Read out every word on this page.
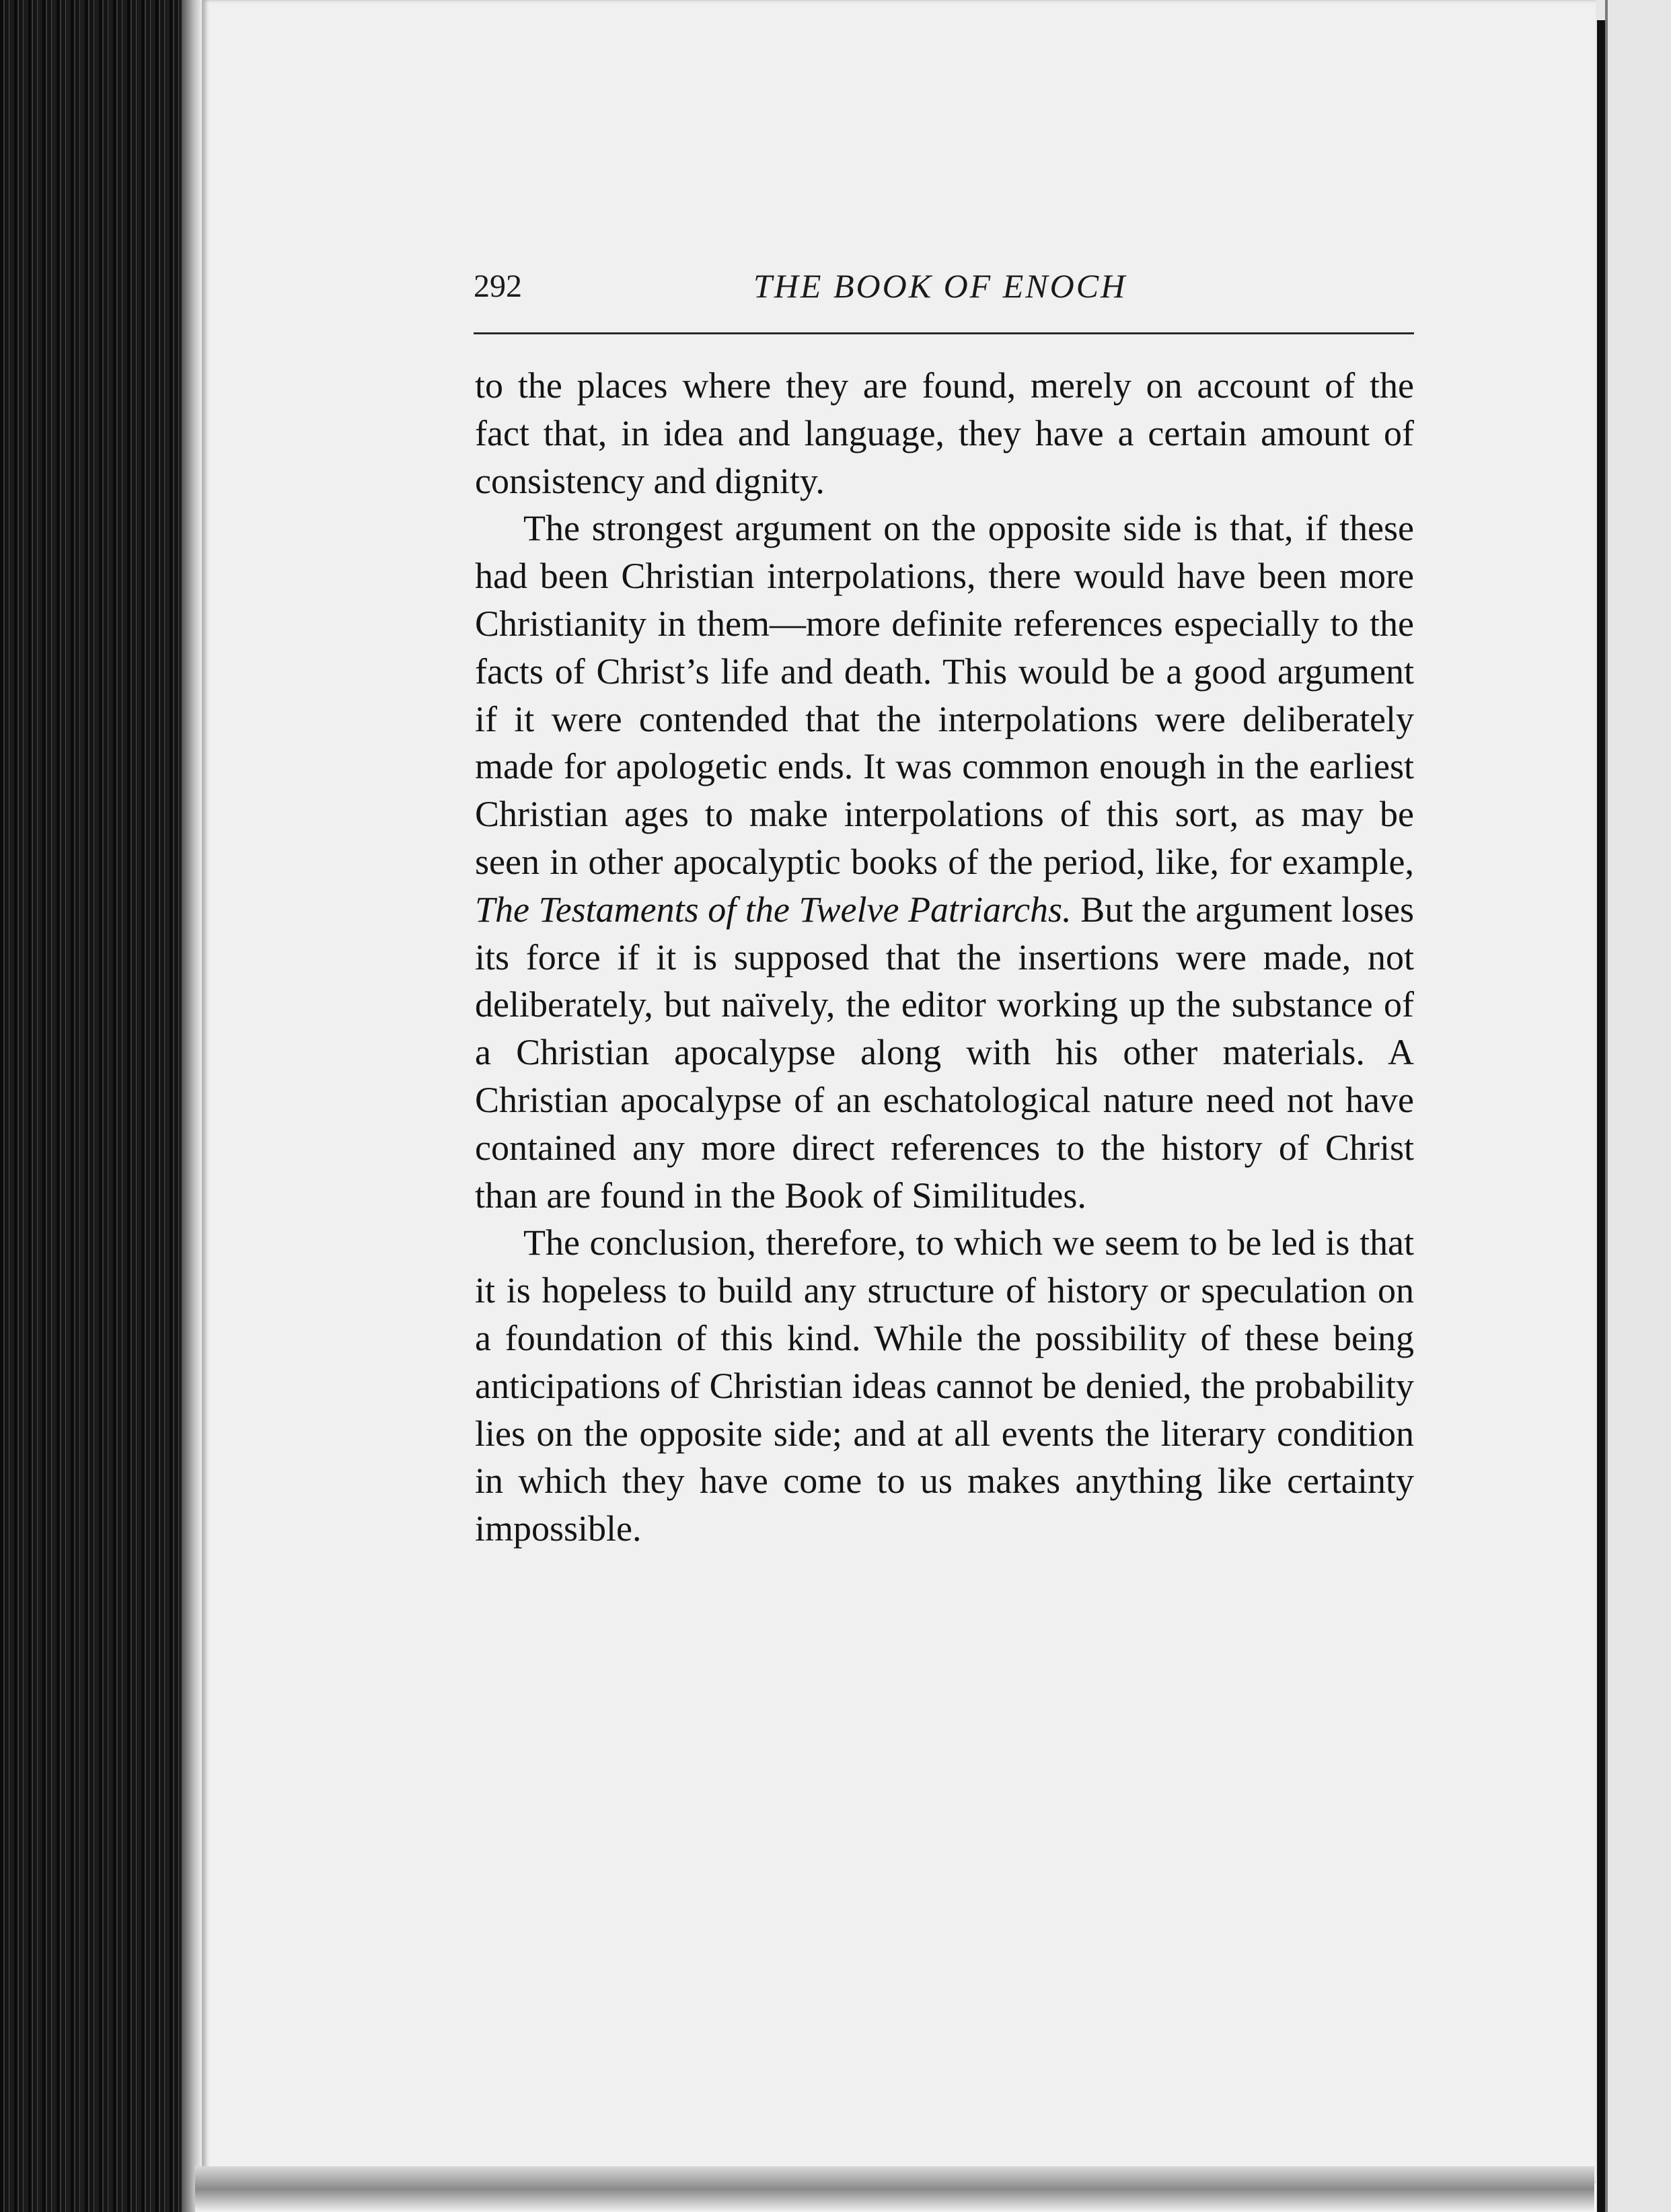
292	THE BOOK OF ENOCH

to the places where they are found, merely on account of the fact that, in idea and language, they have a certain amount of consistency and dignity.

The strongest argument on the opposite side is that, if these had been Christian interpolations, there would have been more Christianity in them—more definite references especially to the facts of Christ’s life and death. This would be a good argument if it were contended that the interpolations were deliberately made for apologetic ends. It was common enough in the earliest Christian ages to make interpolations of this sort, as may be seen in other apocalyptic books of the period, like, for example, The Testaments of the Twelve Patriarchs. But the argument loses its force if it is supposed that the insertions were made, not deliberately, but naïvely, the editor working up the substance of a Christian apocalypse along with his other materials. A Christian apocalypse of an eschatological nature need not have contained any more direct references to the history of Christ than are found in the Book of Similitudes.

The conclusion, therefore, to which we seem to be led is that it is hopeless to build any structure of history or speculation on a foundation of this kind. While the possibility of these being anticipations of Christian ideas cannot be denied, the probability lies on the opposite side; and at all events the literary condition in which they have come to us makes anything like certainty impossible.
